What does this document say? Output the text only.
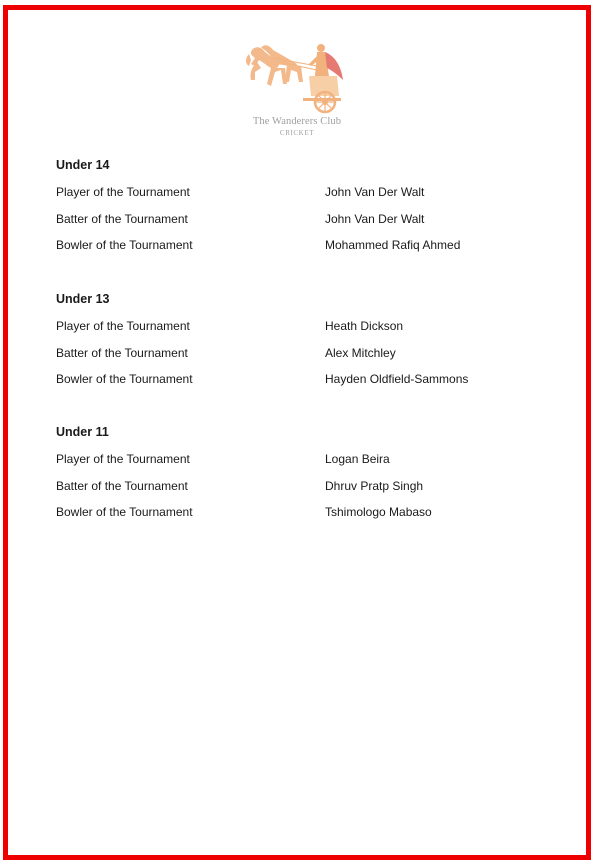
The Wanderers Club
CRICKET
Under 14
Player of the Tournament	John Van Der Walt
Batter of the Tournament	John Van Der Walt
Bowler of the Tournament	Mohammed Rafiq Ahmed
Under 13
Player of the Tournament	Heath Dickson
Batter of the Tournament	Alex Mitchley
Bowler of the Tournament	Hayden Oldfield-Sammons
Under 11
Player of the Tournament	Logan Beira
Batter of the Tournament	Dhruv Pratp Singh
Bowler of the Tournament	Tshimologo Mabaso
